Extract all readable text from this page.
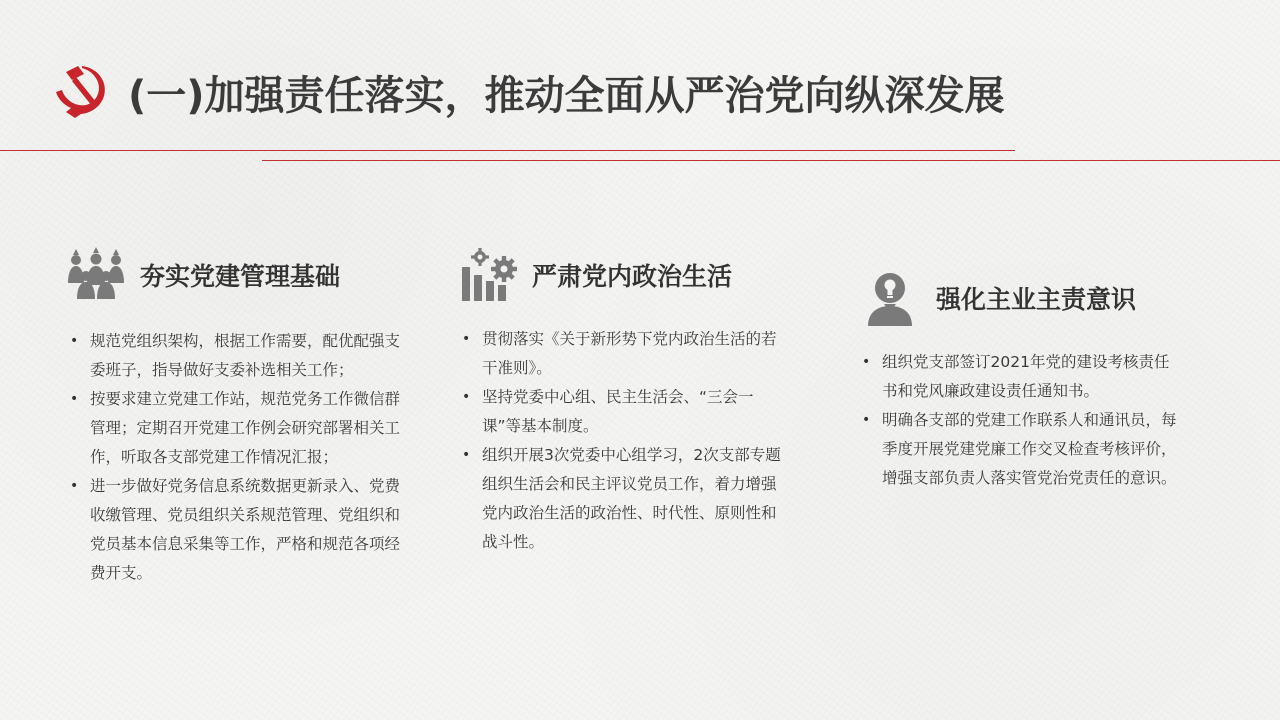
(一)加强责任落实，推动全面从严治党向纵深发展
夯实党建管理基础
• 规范党组织架构，根据工作需要，配优配强支委班子，指导做好支委补选相关工作；
• 按要求建立党建工作站，规范党务工作微信群管理；定期召开党建工作例会研究部署相关工作，听取各支部党建工作情况汇报；
• 进一步做好党务信息系统数据更新录入、党费收缴管理、党员组织关系规范管理、党组织和党员基本信息采集等工作，严格和规范各项经费开支。
严肃党内政治生活
• 贯彻落实《关于新形势下党内政治生活的若干准则》。
• 坚持党委中心组、民主生活会、“三会一课”等基本制度。
• 组织开展3次党委中心组学习，2次支部专题组织生活会和民主评议党员工作，着力增强党内政治生活的政治性、时代性、原则性和战斗性。
强化主业主责意识
• 组织党支部签订2021年党的建设考核责任书和党风廉政建设责任通知书。
• 明确各支部的党建工作联系人和通讯员，每季度开展党建党廉工作交叉检查考核评价，增强支部负责人落实管党治党责任的意识。
